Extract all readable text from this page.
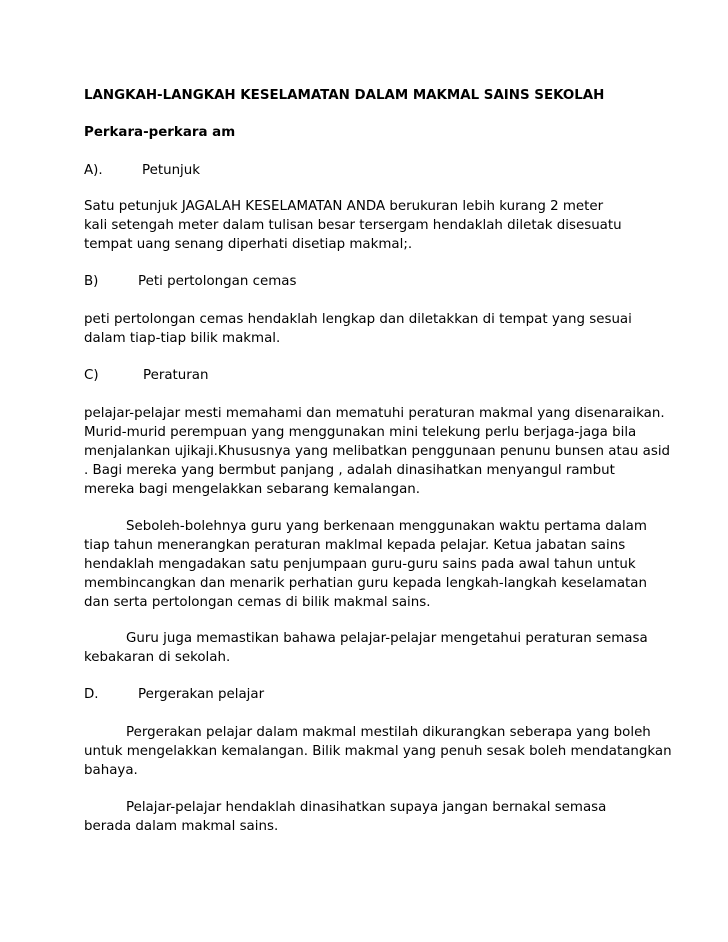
LANGKAH-LANGKAH KESELAMATAN DALAM MAKMAL SAINS SEKOLAH
Perkara-perkara am
A).	Petunjuk
Satu petunjuk JAGALAH KESELAMATAN ANDA berukuran lebih kurang 2 meter
kali setengah meter dalam tulisan besar tersergam hendaklah diletak disesuatu
tempat uang senang diperhati disetiap makmal;.
B)	Peti pertolongan cemas
peti pertolongan cemas hendaklah lengkap dan diletakkan di tempat yang sesuai
dalam tiap-tiap bilik makmal.
C)	Peraturan
pelajar-pelajar mesti memahami dan mematuhi peraturan makmal yang disenaraikan.
Murid-murid perempuan yang menggunakan mini telekung perlu berjaga-jaga bila
menjalankan ujikaji.Khususnya yang melibatkan penggunaan penunu bunsen atau asid
. Bagi mereka yang bermbut panjang , adalah dinasihatkan menyangul rambut
mereka bagi mengelakkan sebarang kemalangan.
Seboleh-bolehnya guru yang berkenaan menggunakan waktu pertama dalam
tiap tahun menerangkan peraturan maklmal kepada pelajar. Ketua jabatan sains
hendaklah mengadakan satu penjumpaan guru-guru sains pada awal tahun untuk
membincangkan dan menarik perhatian guru kepada lengkah-langkah keselamatan
dan serta pertolongan cemas di bilik makmal sains.
Guru juga memastikan bahawa pelajar-pelajar mengetahui peraturan semasa
kebakaran di sekolah.
D.	Pergerakan pelajar
Pergerakan pelajar dalam makmal mestilah dikurangkan seberapa yang boleh
untuk mengelakkan kemalangan. Bilik makmal yang penuh sesak boleh mendatangkan
bahaya.
Pelajar-pelajar hendaklah dinasihatkan supaya jangan bernakal semasa
berada dalam makmal sains.
